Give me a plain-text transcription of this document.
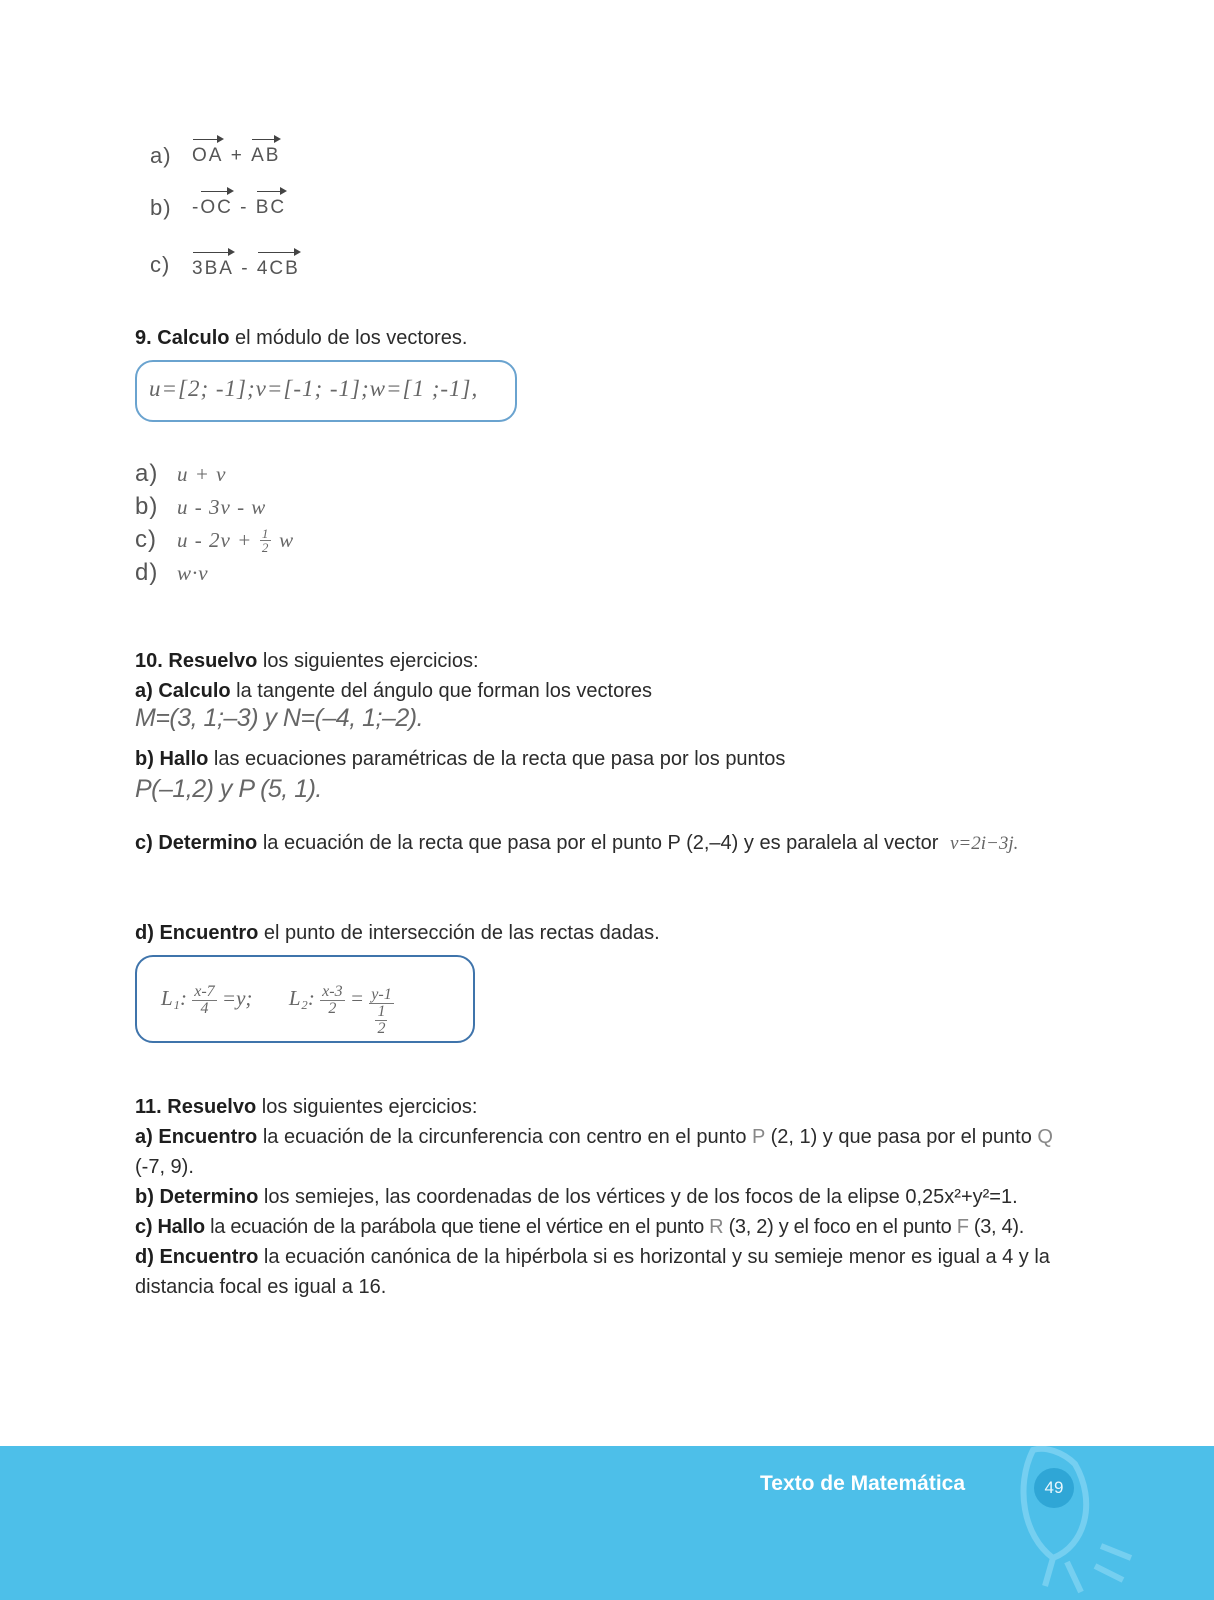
a) OA + AB
b) -OC - BC
c) 3BA - 4CB
9. Calculo el módulo de los vectores.
u=[2; -1];v=[-1; -1];w=[1 ;-1],
a) u + v
b) u - 3v - w
c) $u - 2v + \frac{1}{2}$ w
d) w·v
10. Resuelvo los siguientes ejercicios:
a) Calculo la tangente del ángulo que forman los vectores
M=(3, 1;–3) y N=(–4, 1;–2).
b) Hallo las ecuaciones paramétricas de la recta que pasa por los puntos
P(–1,2) y P (5, 1).
c) Determino la ecuación de la recta que pasa por el punto P (2,–4) y es paralela al vector v=2i−3j.
d) Encuentro el punto de intersección de las rectas dadas.
L₁: $\frac{x-7}{4} =y$; L₂: $\frac{x-3}{2} = \frac{y-1}{\frac{1}{2}}$
11. Resuelvo los siguientes ejercicios:
a) Encuentro la ecuación de la circunferencia con centro en el punto P (2, 1) y que pasa por el punto Q (-7, 9).
b) Determino los semiejes, las coordenadas de los vértices y de los focos de la elipse 0,25x²+y²=1.
c) Hallo la ecuación de la parábola que tiene el vértice en el punto R (3, 2) y el foco en el punto F (3, 4).
d) Encuentro la ecuación canónica de la hipérbola si es horizontal y su semieje menor es igual a 4 y la distancia focal es igual a 16.
Texto de Matemática	49
